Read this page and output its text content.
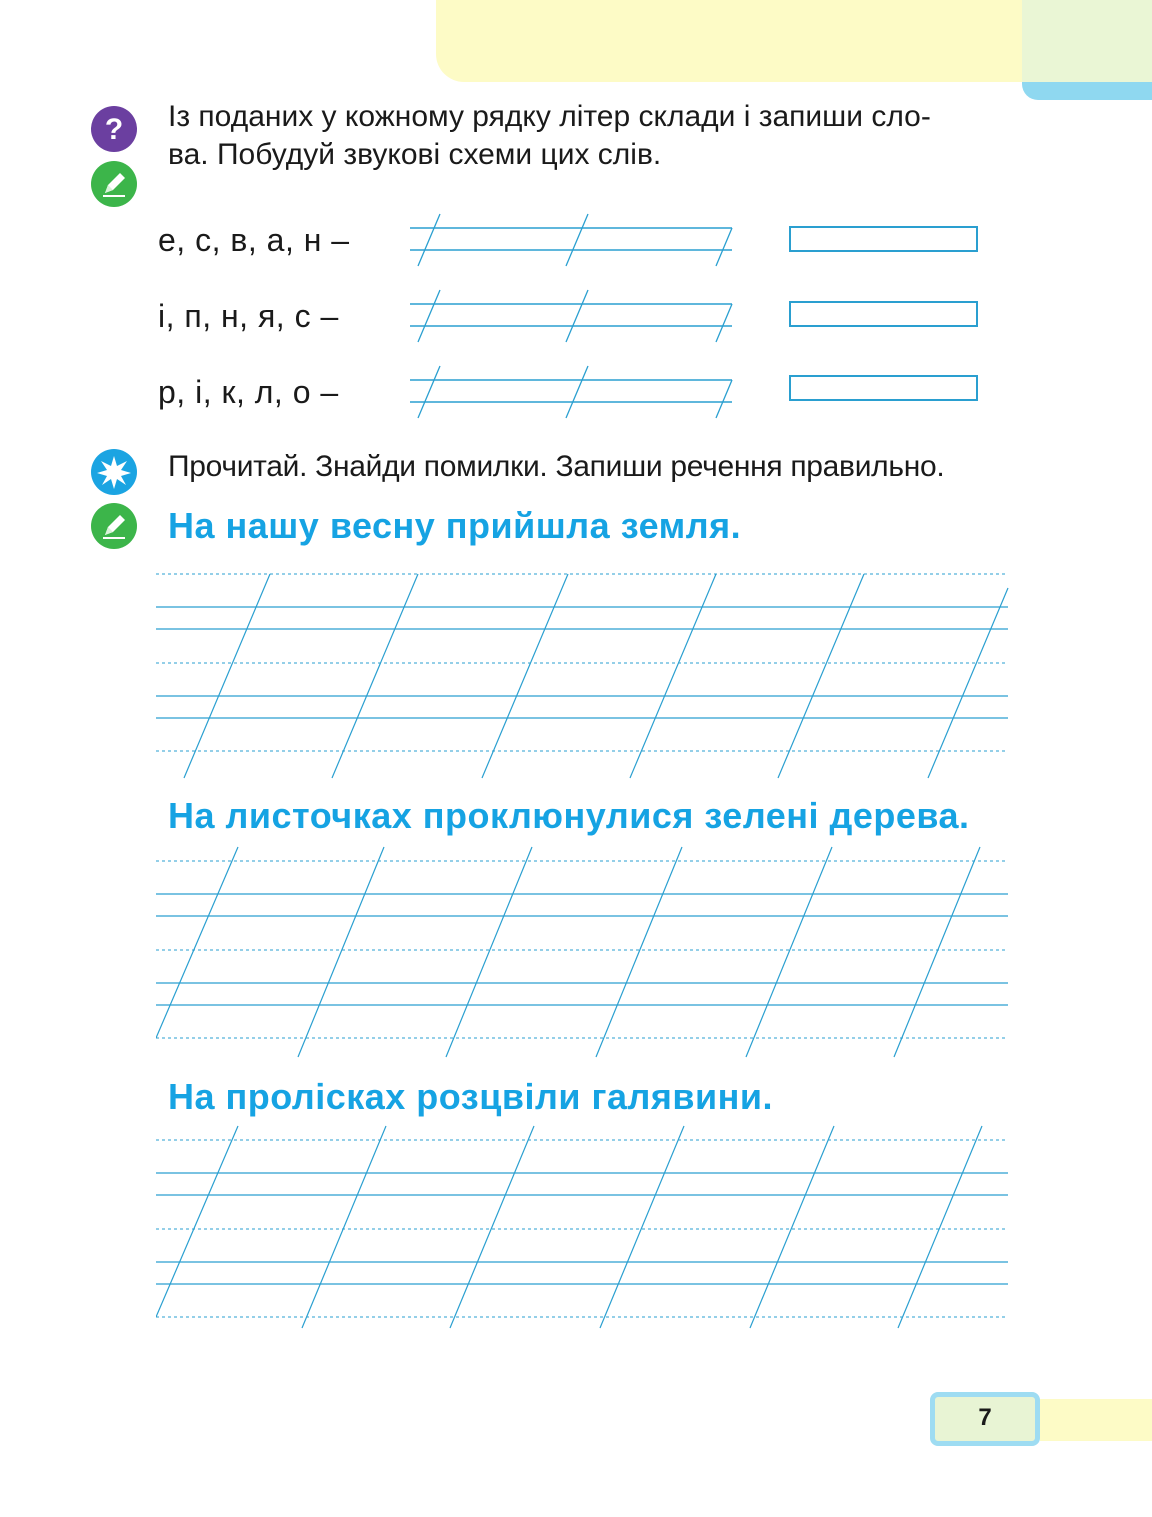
? Із поданих у кожному рядку літер склади і запиши сло-

ва. Побудуй звукові схеми цих слів.

е, с, в, а, н –
і, п, н, я, с –
р, і, к, л, о –

Прочитай. Знайди помилки. Запиши речення правильно.

На нашу весну прийшла земля.
На листочках проклюнулися зелені дерева.
На пролісках розцвіли галявини.
7
